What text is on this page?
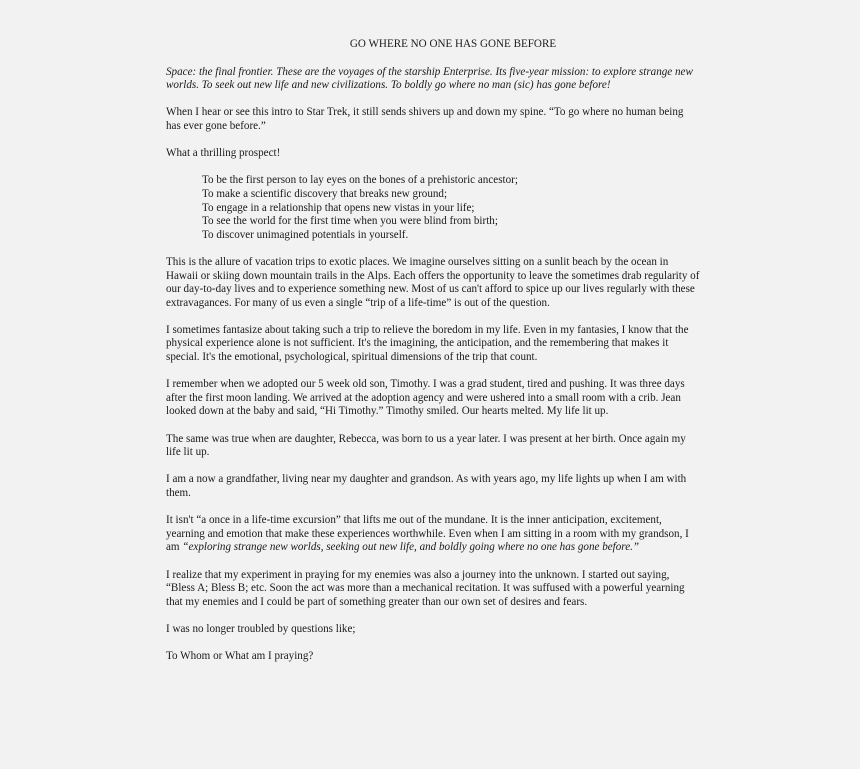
GO WHERE NO ONE HAS GONE BEFORE

Space: the final frontier. These are the voyages of the starship Enterprise. Its five-year mission: to explore strange new worlds. To seek out new life and new civilizations. To boldly go where no man (sic) has gone before!

When I hear or see this intro to Star Trek, it still sends shivers up and down my spine. “To go where no human being has ever gone before.”

What a thrilling prospect!

To be the first person to lay eyes on the bones of a prehistoric ancestor;
To make a scientific discovery that breaks new ground;
To engage in a relationship that opens new vistas in your life;
To see the world for the first time when you were blind from birth;
To discover unimagined potentials in yourself.

This is the allure of vacation trips to exotic places. We imagine ourselves sitting on a sunlit beach by the ocean in Hawaii or skiing down mountain trails in the Alps. Each offers the opportunity to leave the sometimes drab regularity of our day-to-day lives and to experience something new. Most of us can't afford to spice up our lives regularly with these extravagances. For many of us even a single “trip of a life-time” is out of the question.

I sometimes fantasize about taking such a trip to relieve the boredom in my life. Even in my fantasies, I know that the physical experience alone is not sufficient. It's the imagining, the anticipation, and the remembering that makes it special. It's the emotional, psychological, spiritual dimensions of the trip that count.

I remember when we adopted our 5 week old son, Timothy. I was a grad student, tired and pushing. It was three days after the first moon landing. We arrived at the adoption agency and were ushered into a small room with a crib. Jean looked down at the baby and said, “Hi Timothy.” Timothy smiled. Our hearts melted. My life lit up.

The same was true when are daughter, Rebecca, was born to us a year later. I was present at her birth. Once again my life lit up.

I am a now a grandfather, living near my daughter and grandson. As with years ago, my life lights up when I am with them.

It isn't “a once in a life-time excursion” that lifts me out of the mundane. It is the inner anticipation, excitement, yearning and emotion that make these experiences worthwhile. Even when I am sitting in a room with my grandson, I am “exploring strange new worlds, seeking out new life, and boldly going where no one has gone before.”

I realize that my experiment in praying for my enemies was also a journey into the unknown. I started out saying, “Bless A; Bless B; etc. Soon the act was more than a mechanical recitation. It was suffused with a powerful yearning that my enemies and I could be part of something greater than our own set of desires and fears.

I was no longer troubled by questions like;

To Whom or What am I praying?
